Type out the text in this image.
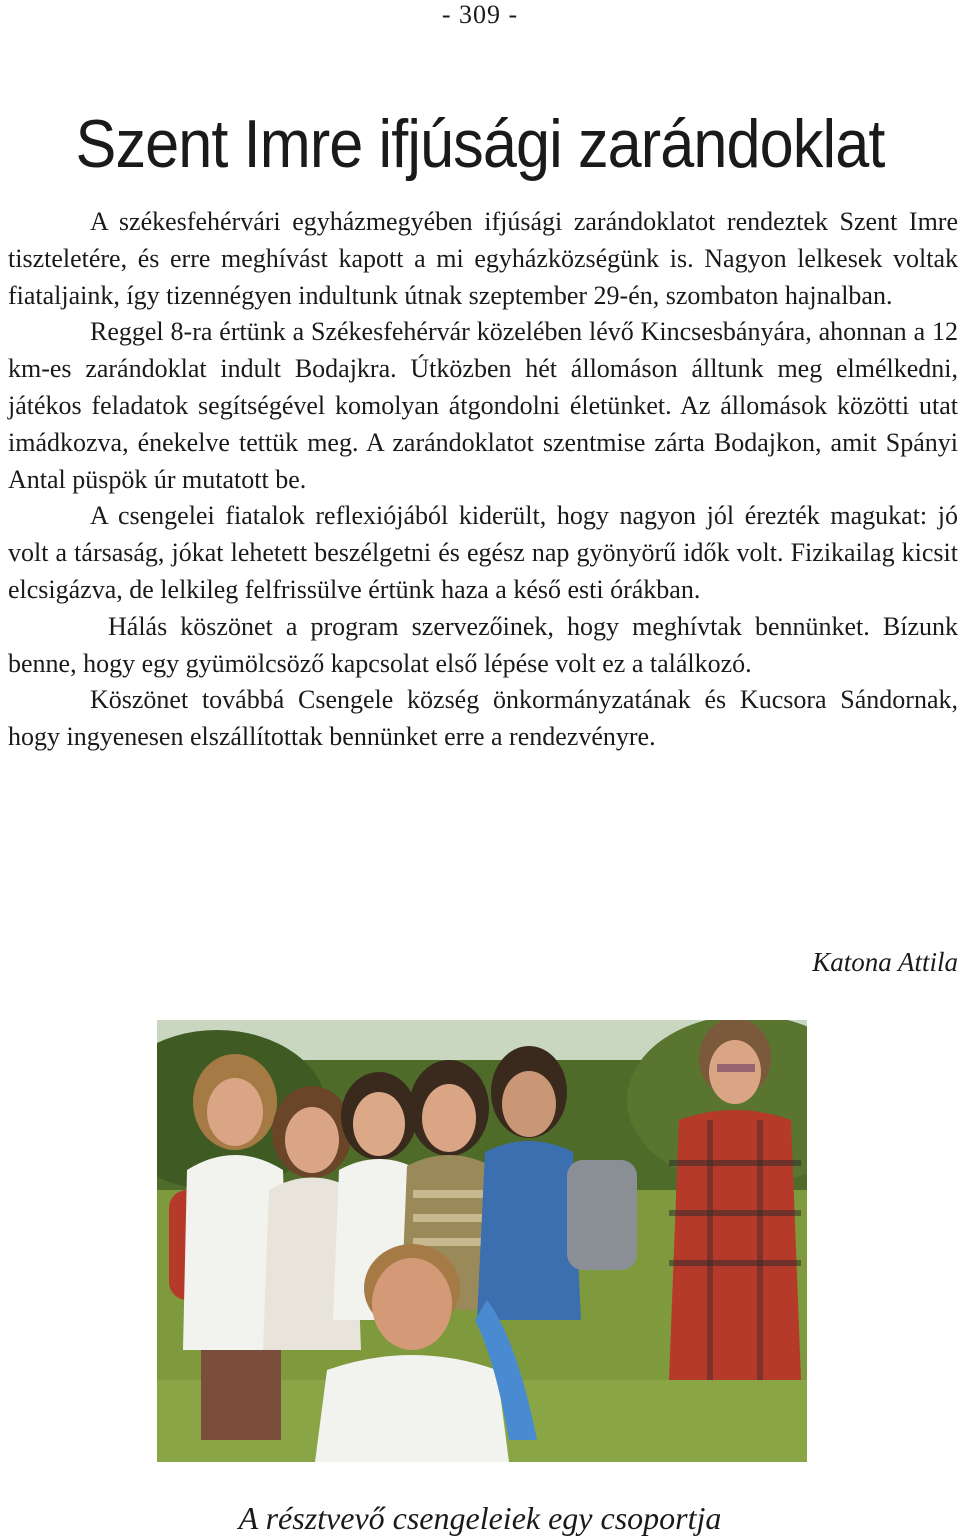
- 309 -
Szent Imre ifjúsági zarándoklat

A székesfehérvári egyházmegyében ifjúsági zarándoklatot rendeztek Szent Imre tiszteletére, és erre meghívást kapott a mi egyházközségünk is. Nagyon lelkesek voltak fiataljaink, így tizennégyen indultunk útnak szeptember 29-én, szombaton hajnalban.

Reggel 8-ra értünk a Székesfehérvár közelében lévő Kincsesbányára, ahonnan a 12 km-es zarándoklat indult Bodajkra. Útközben hét állomáson álltunk meg elmélkedni, játékos feladatok segítségével komolyan átgondolni életünket. Az állomások közötti utat imádkozva, énekelve tettük meg. A zarándoklatot szentmise zárta Bodajkon, amit Spányi Antal püspök úr mutatott be.

A csengelei fiatalok reflexiójából kiderült, hogy nagyon jól érezték magukat: jó volt a társaság, jókat lehetett beszélgetni és egész nap gyönyörű idők volt. Fizikailag kicsit elcsigázva, de lelkileg felfrissülve értünk haza a késő esti órákban.

Hálás köszönet a program szervezőinek, hogy meghívtak bennünket. Bízunk benne, hogy egy gyümölcsöző kapcsolat első lépése volt ez a találkozó.

Köszönet továbbá Csengele község önkormányzatának és Kucsora Sándornak, hogy ingyenesen elszállítottak bennünket erre a rendezvényre.

Katona Attila
A résztvevő csengeleiek egy csoportja
